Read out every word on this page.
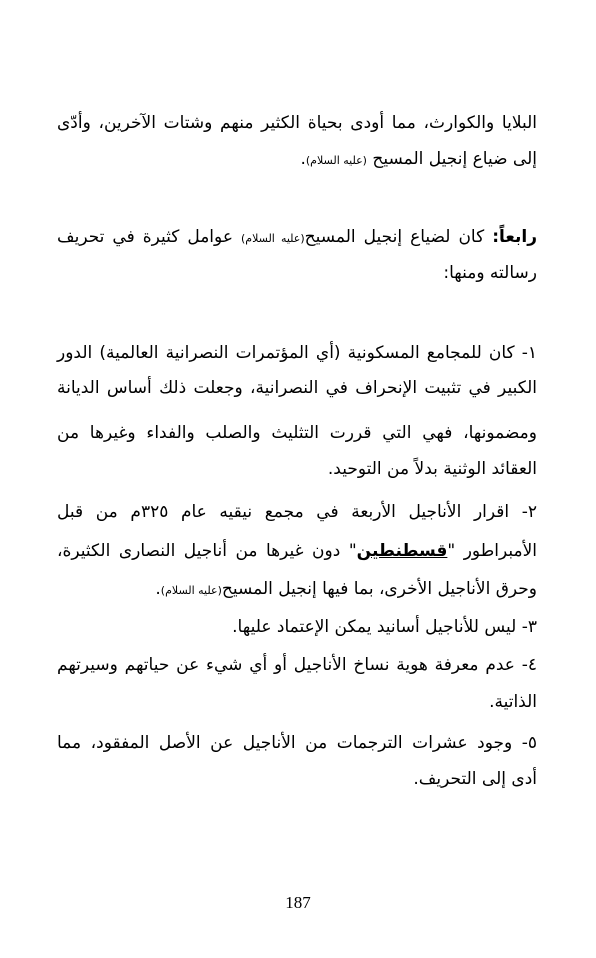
البلايا والكوارث، مما أودى بحياة الكثير منهم وشتات الآخرين، وأدّى
إلى ضياع إنجيل المسيح (عليه السلام).
رابعاً: كان لضياع إنجيل المسيح(عليه السلام) عوامل كثيرة في تحريف
رسالته ومنها:
١- كان للمجامع المسكونية (أي المؤتمرات النصرانية العالمية) الدور
الكبير في تثبيت الإنحراف في النصرانية، وجعلت ذلك أساس الديانة
ومضمونها، فهي التي قررت التثليث والصلب والفداء وغيرها من
العقائد الوثنية بدلاً من التوحيد.
٢- اقرار الأناجيل الأربعة في مجمع نيقيه عام ٣٢٥م من قبل
الأمبراطور "قسطنطين" دون غيرها من أناجيل النصارى الكثيرة،
وحرق الأناجيل الأخرى، بما فيها إنجيل المسيح(عليه السلام).
٣- ليس للأناجيل أسانيد يمكن الإعتماد عليها.
٤- عدم معرفة هوية نساخ الأناجيل أو أي شيء عن حياتهم وسيرتهم
الذاتية.
٥- وجود عشرات الترجمات من الأناجيل عن الأصل المفقود، مما
أدى إلى التحريف.
187
